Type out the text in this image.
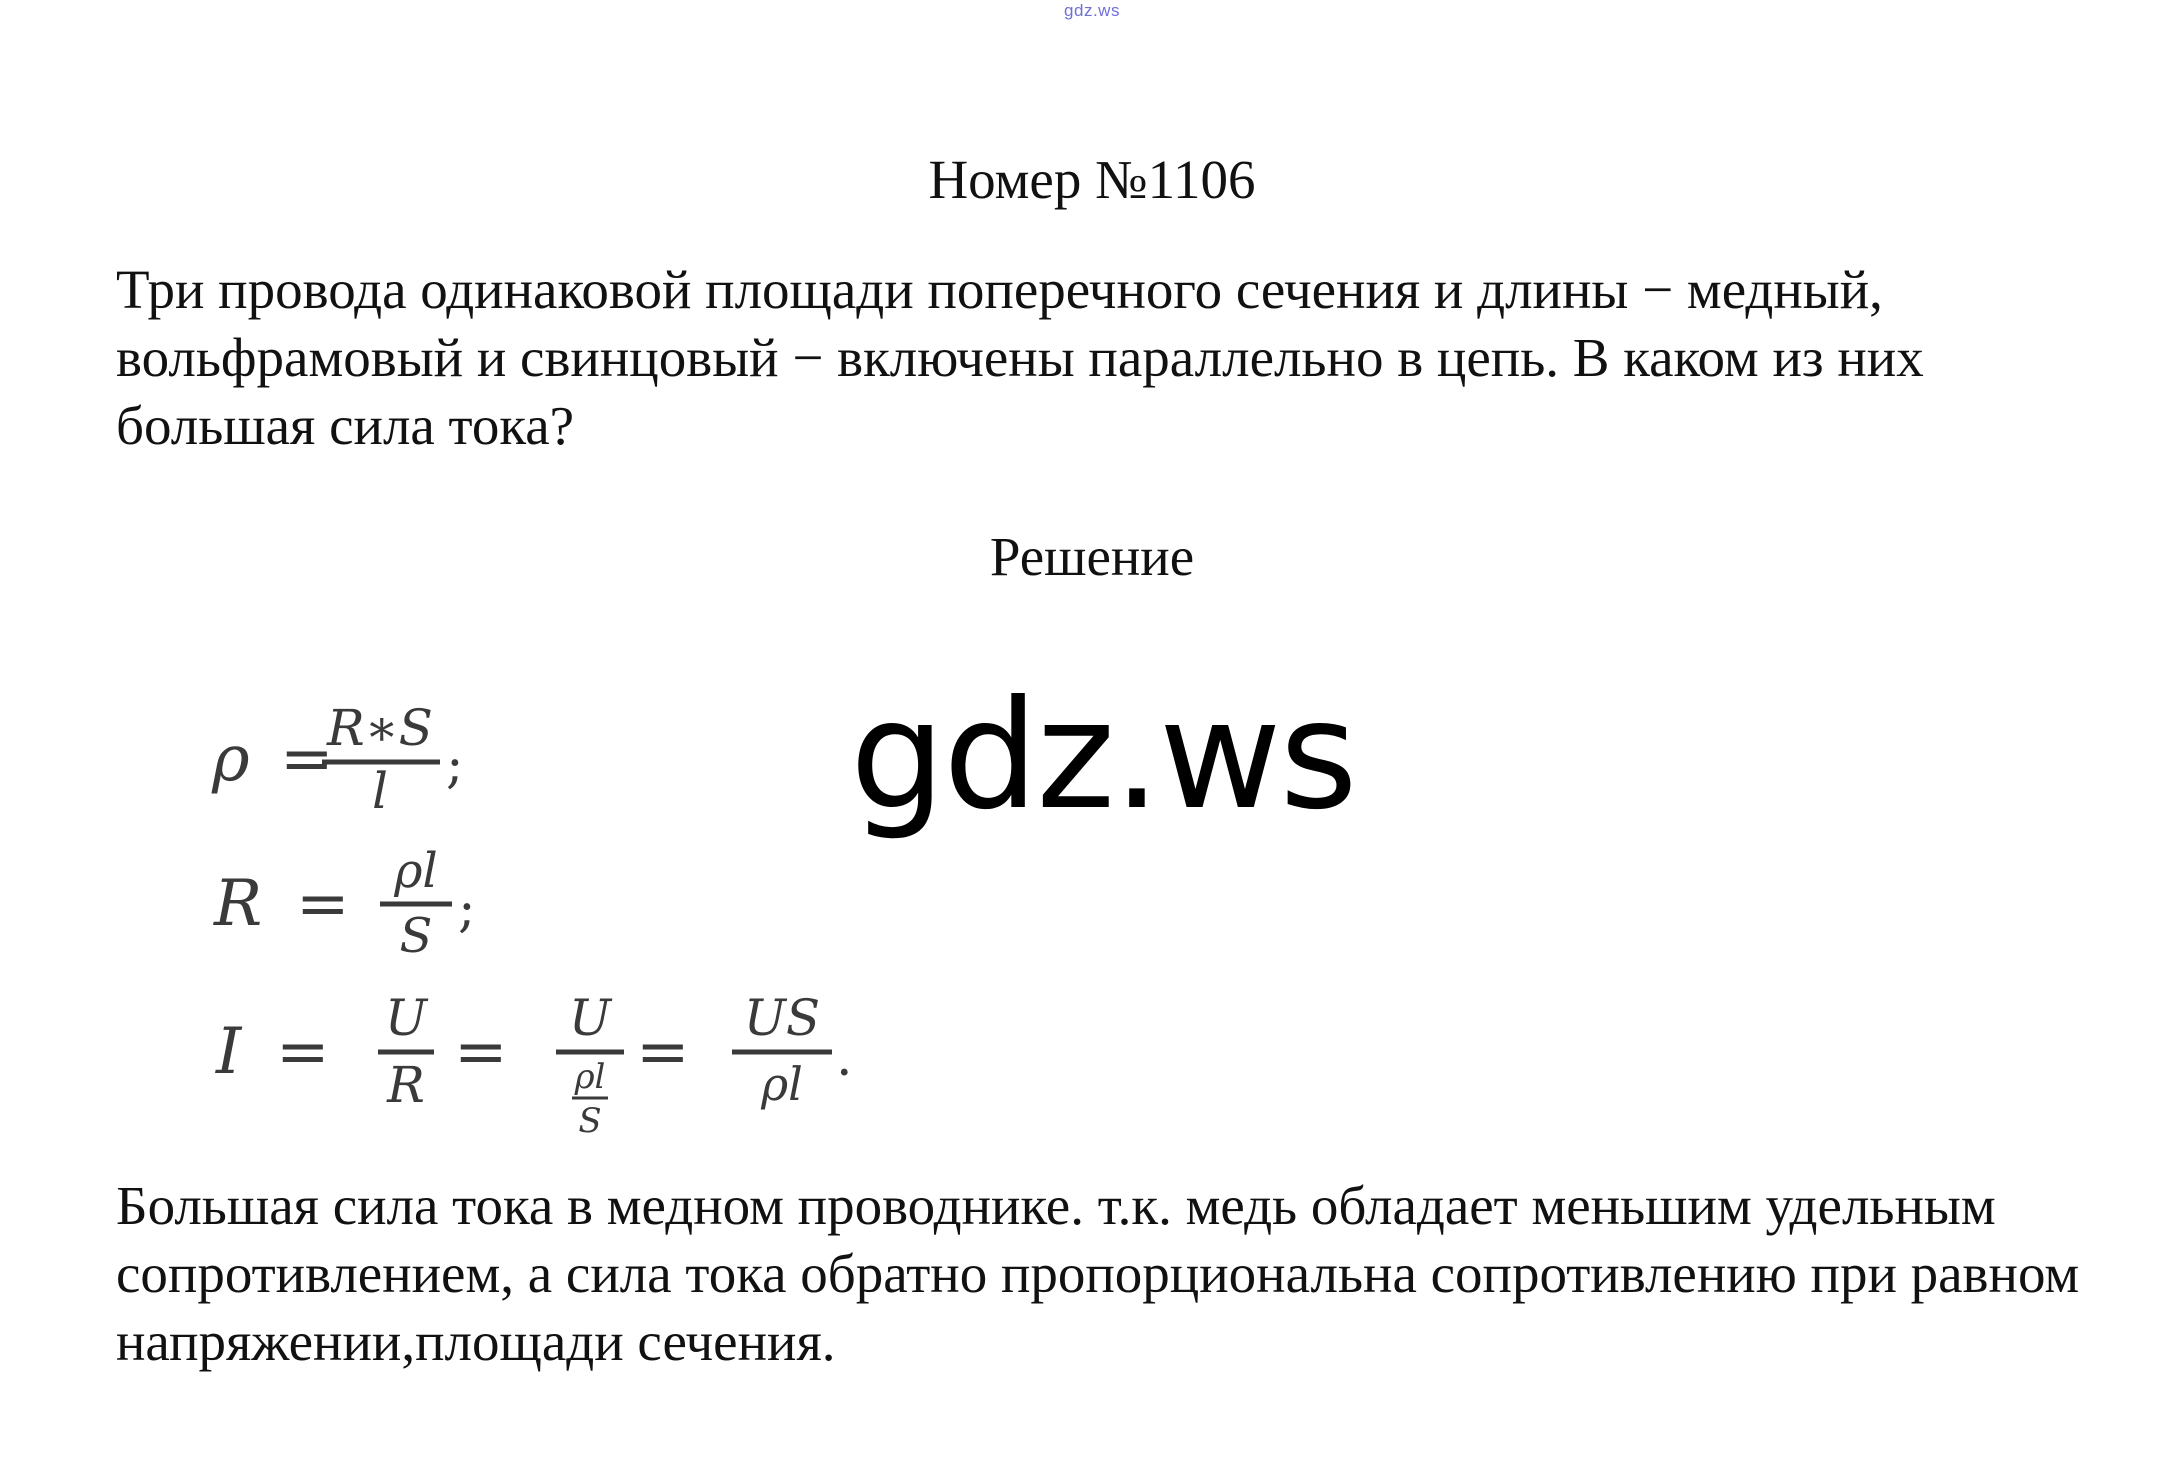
gdz.ws
Номер №1106

Три провода одинаковой площади поперечного сечения и длины − медный, вольфрамовый и свинцовый − включены параллельно в цепь. В каком из них большая сила тока?

Решение
ρ =
R∗S
l ;
R = ρl
S ;
I = U
R = U
ρl
S
= US
ρl .
gdz.ws

Большая сила тока в медном проводнике. т.к. медь обладает меньшим удельным сопротивлением, а сила тока обратно пропорциональна сопротивлению при равном напряжении,площади сечения.
